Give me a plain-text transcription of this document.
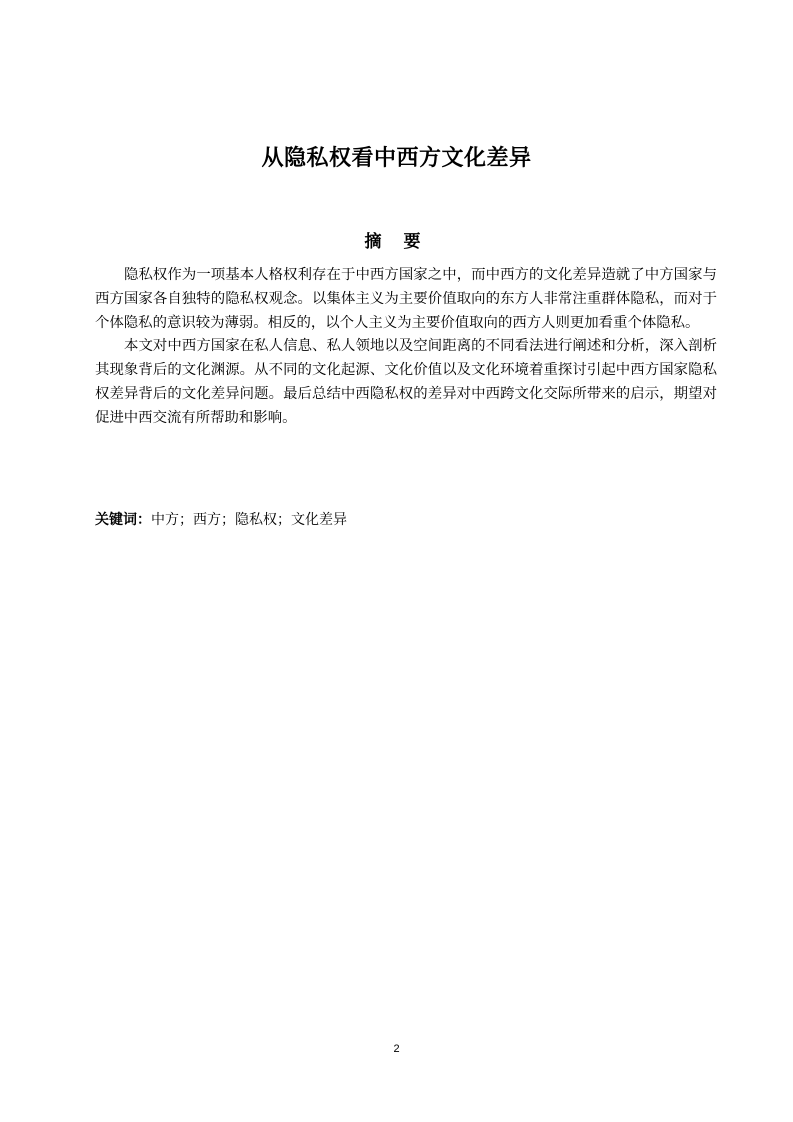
从隐私权看中西方文化差异
摘 要

隐私权作为一项基本人格权利存在于中西方国家之中，而中西方的文化差异造就了中方国家与西方国家各自独特的隐私权观念。以集体主义为主要价值取向的东方人非常注重群体隐私，而对于个体隐私的意识较为薄弱。相反的，以个人主义为主要价值取向的西方人则更加看重个体隐私。

本文对中西方国家在私人信息、私人领地以及空间距离的不同看法进行阐述和分析，深入剖析其现象背后的文化渊源。从不同的文化起源、文化价值以及文化环境着重探讨引起中西方国家隐私权差异背后的文化差异问题。最后总结中西隐私权的差异对中西跨文化交际所带来的启示，期望对促进中西交流有所帮助和影响。

关键词：中方；西方；隐私权；文化差异

2
